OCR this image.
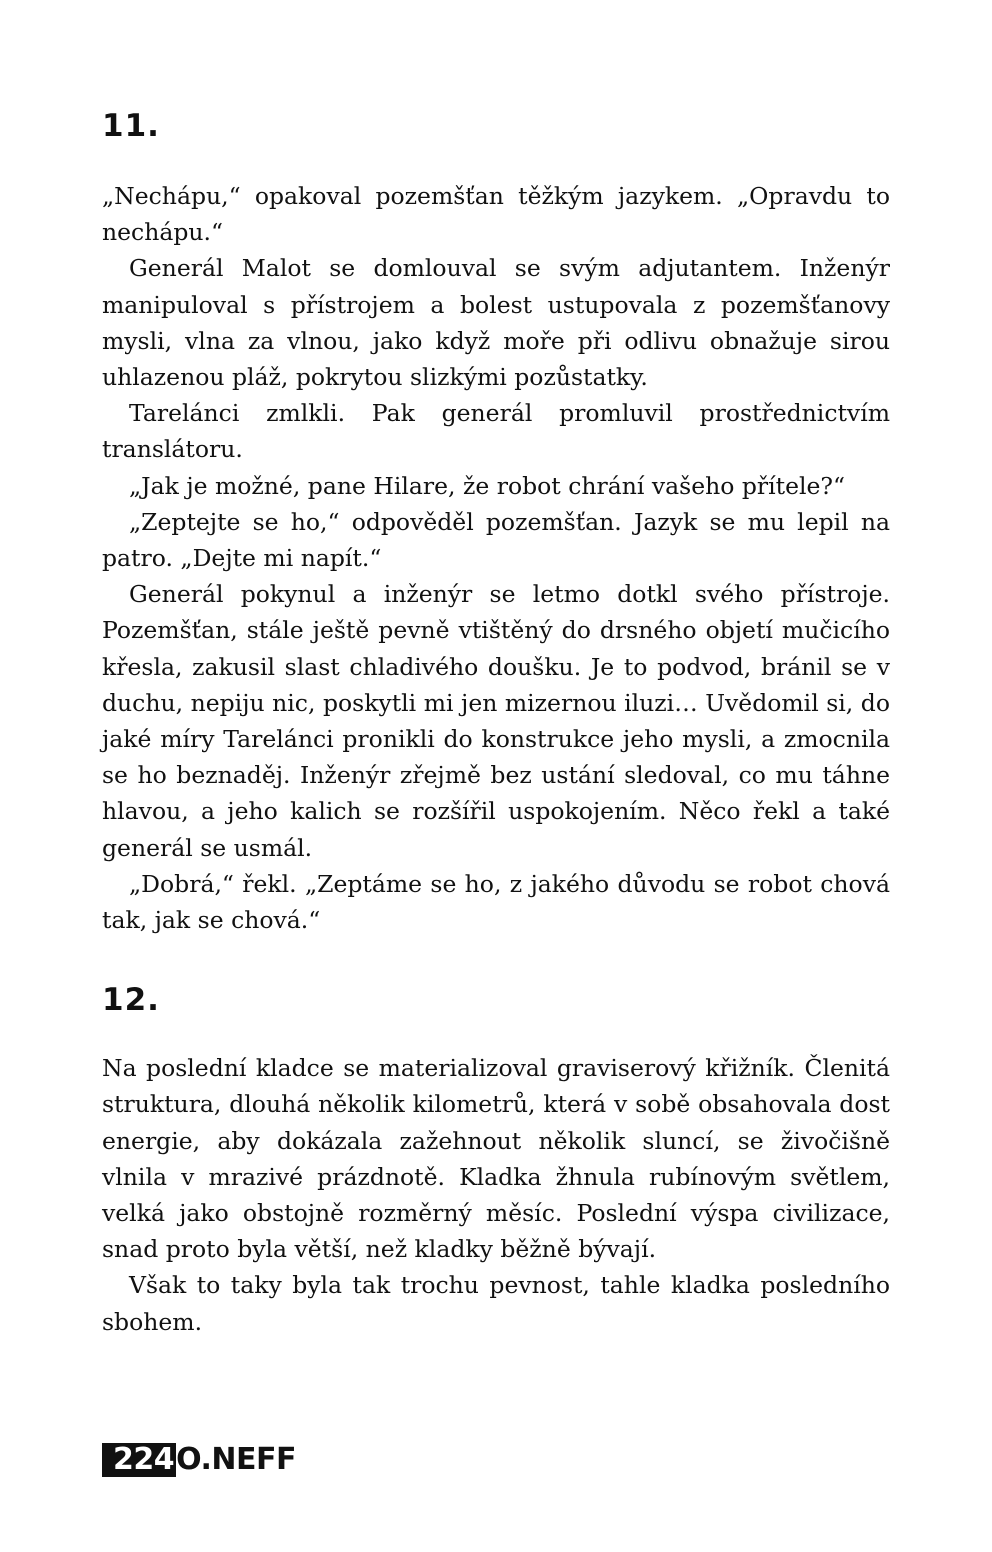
11.

„Nechápu,“ opakoval pozemšťan těžkým jazykem. „Opravdu to nechápu.“

Generál Malot se domlouval se svým adjutantem. Inženýr manipuloval s přístrojem a bolest ustupovala z pozemšťanovy mysli, vlna za vlnou, jako když moře při odlivu obnažuje sirou uhlazenou pláž, pokrytou slizkými pozůstatky.

Tarelánci zmlkli. Pak generál promluvil prostřednictvím translátoru.

„Jak je možné, pane Hilare, že robot chrání vašeho přítele?“

„Zeptejte se ho,“ odpověděl pozemšťan. Jazyk se mu lepil na patro. „Dejte mi napít.“

Generál pokynul a inženýr se letmo dotkl svého přístroje. Pozemšťan, stále ještě pevně vtištěný do drsného objetí mučicího křesla, zakusil slast chladivého doušku. Je to podvod, bránil se v duchu, nepiju nic, poskytli mi jen mizernou iluzi… Uvědomil si, do jaké míry Tarelánci pronikli do konstrukce jeho mysli, a zmocnila se ho beznaděj. Inženýr zřejmě bez ustání sledoval, co mu táhne hlavou, a jeho kalich se rozšířil uspokojením. Něco řekl a také generál se usmál.

„Dobrá,“ řekl. „Zeptáme se ho, z jakého důvodu se robot chová tak, jak se chová.“

12.

Na poslední kladce se materializoval graviserový křižník. Členitá struktura, dlouhá několik kilometrů, která v sobě obsahovala dost energie, aby dokázala zažehnout několik sluncí, se živočišně vlnila v mrazivé prázdnotě. Kladka žhnula rubínovým světlem, velká jako obstojně rozměrný měsíc. Poslední výspa civilizace, snad proto byla větší, než kladky běžně bývají.

Však to taky byla tak trochu pevnost, tahle kladka posledního sbohem.

224O.NEFF
